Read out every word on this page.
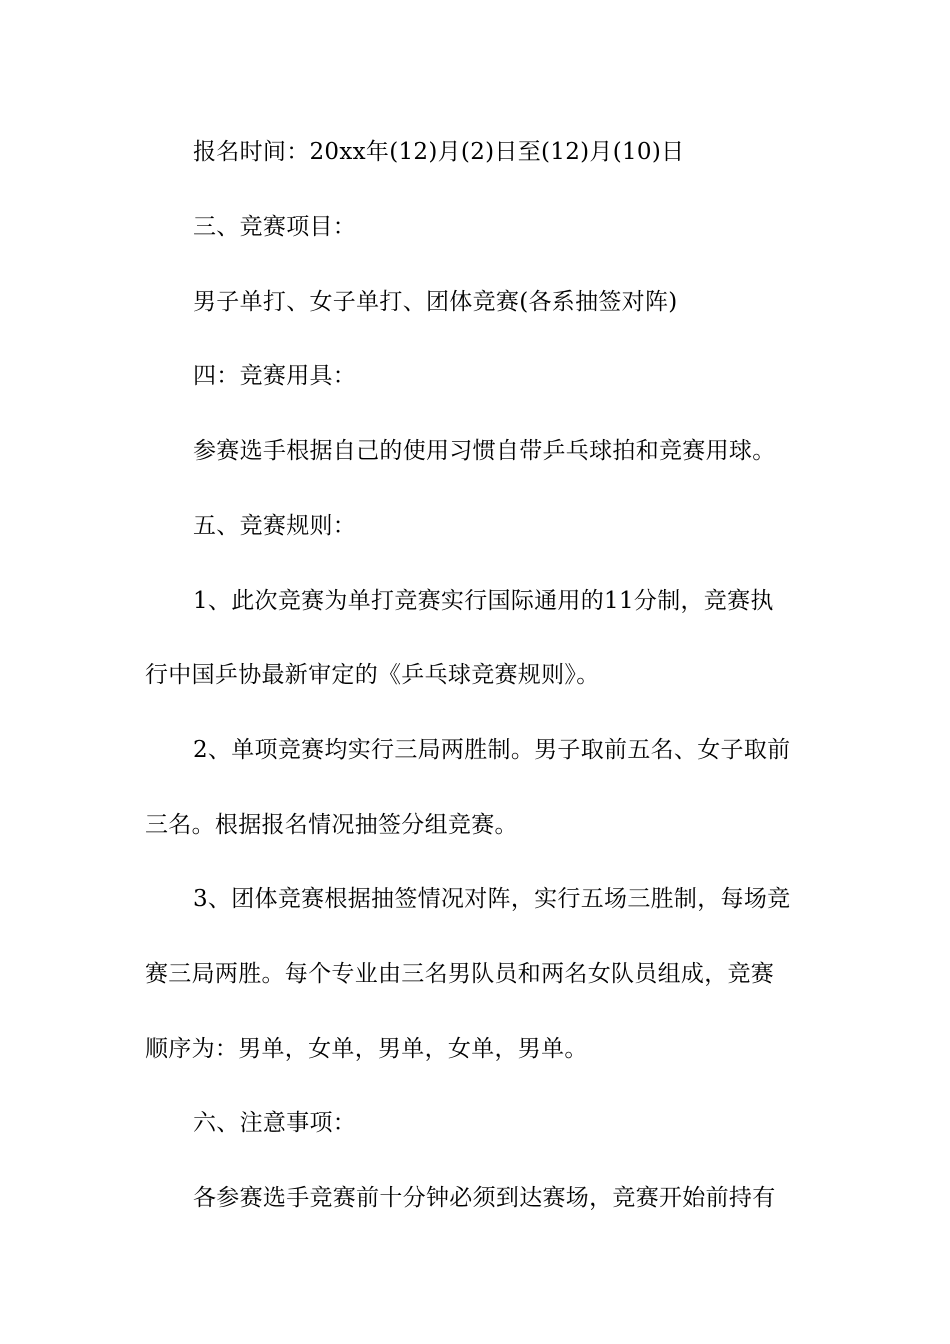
报名时间：20xx年(12)月(2)日至(12)月(10)日
三、竞赛项目：
男子单打、女子单打、团体竞赛(各系抽签对阵)
四：竞赛用具：
参赛选手根据自己的使用习惯自带乒乓球拍和竞赛用球。
五、竞赛规则：
1、此次竞赛为单打竞赛实行国际通用的11分制，竞赛执
行中国乒协最新审定的《乒乓球竞赛规则》。
2、单项竞赛均实行三局两胜制。男子取前五名、女子取前
三名。根据报名情况抽签分组竞赛。
3、团体竞赛根据抽签情况对阵，实行五场三胜制，每场竞
赛三局两胜。每个专业由三名男队员和两名女队员组成，竞赛
顺序为：男单，女单，男单，女单，男单。
六、注意事项：
各参赛选手竞赛前十分钟必须到达赛场，竞赛开始前持有
